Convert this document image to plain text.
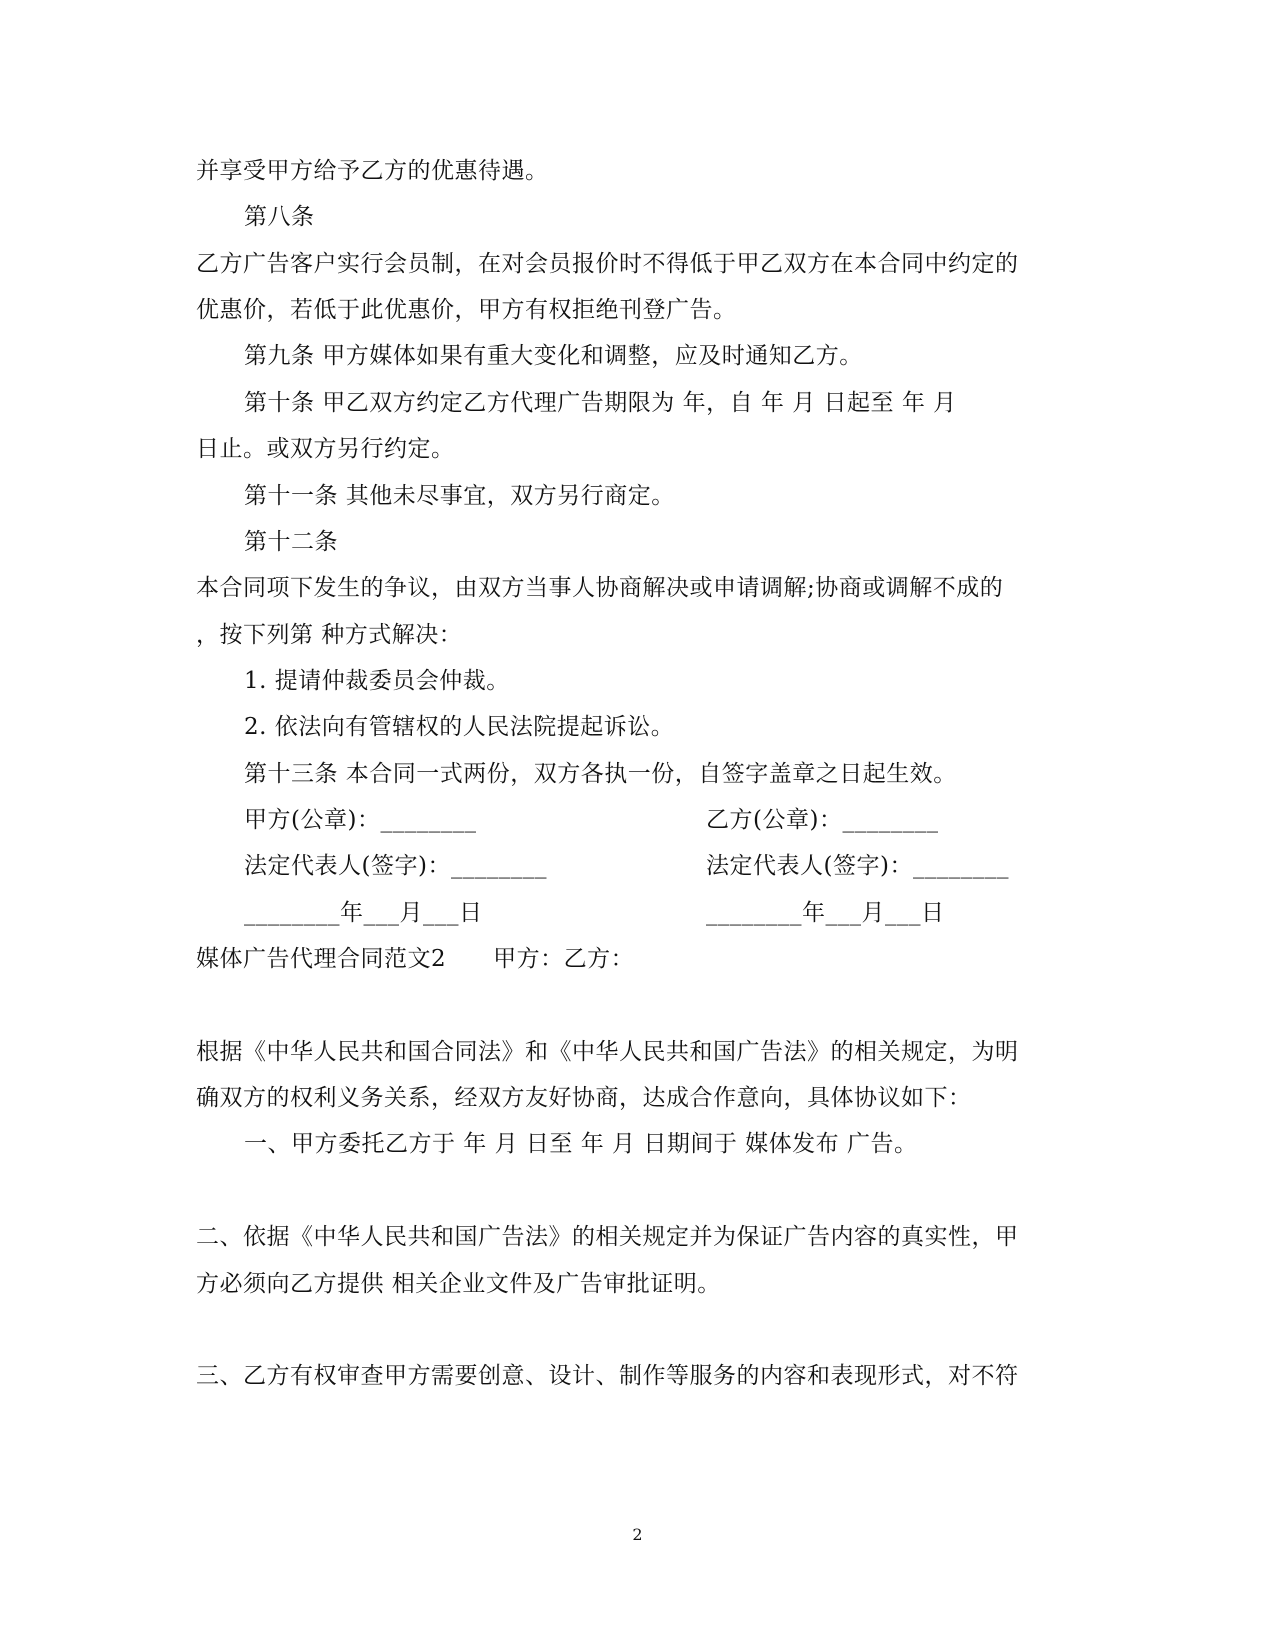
并享受甲方给予乙方的优惠待遇。
第八条
乙方广告客户实行会员制，在对会员报价时不得低于甲乙双方在本合同中约定的
优惠价，若低于此优惠价，甲方有权拒绝刊登广告。
第九条 甲方媒体如果有重大变化和调整，应及时通知乙方。
第十条 甲乙双方约定乙方代理广告期限为 年，自 年 月 日起至 年 月
日止。或双方另行约定。
第十一条 其他未尽事宜，双方另行商定。
第十二条
本合同项下发生的争议，由双方当事人协商解决或申请调解;协商或调解不成的
，按下列第 种方式解决：
1. 提请仲裁委员会仲裁。
2. 依法向有管辖权的人民法院提起诉讼。
第十三条 本合同一式两份，双方各执一份，自签字盖章之日起生效。
甲方(公章)：________	乙方(公章)：________
法定代表人(签字)：________	法定代表人(签字)：________
________年___月___日	________年___月___日
媒体广告代理合同范文2　　甲方：乙方：
根据《中华人民共和国合同法》和《中华人民共和国广告法》的相关规定，为明
确双方的权利义务关系，经双方友好协商，达成合作意向，具体协议如下：
一、甲方委托乙方于 年 月 日至 年 月 日期间于 媒体发布 广告。
二、依据《中华人民共和国广告法》的相关规定并为保证广告内容的真实性，甲
方必须向乙方提供 相关企业文件及广告审批证明。
三、乙方有权审查甲方需要创意、设计、制作等服务的内容和表现形式，对不符
2
